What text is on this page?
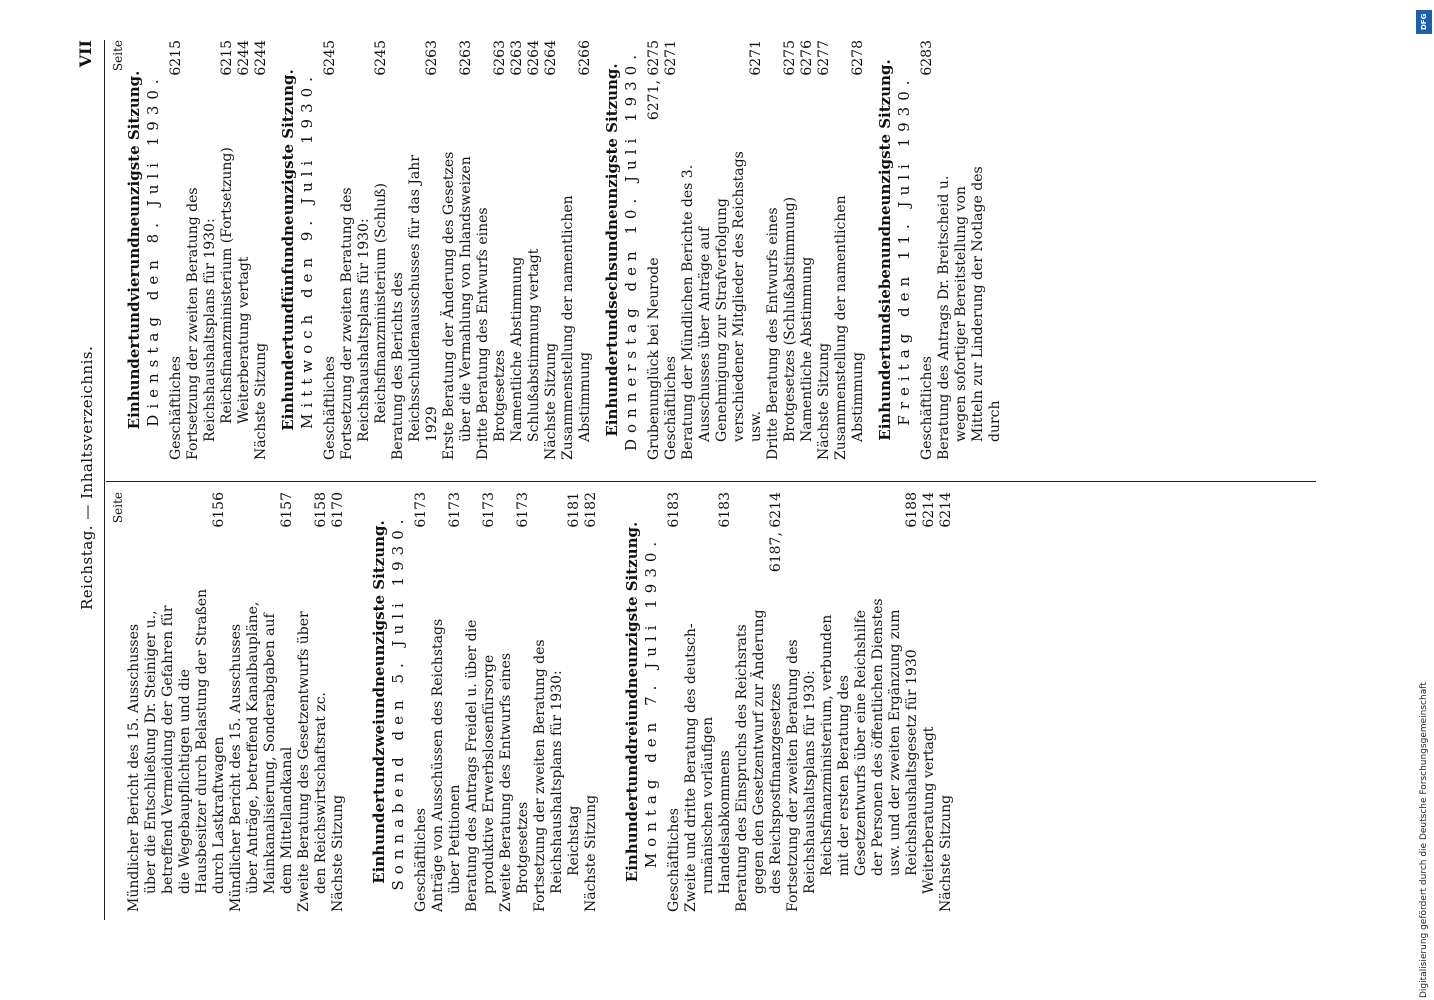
Reichstag. — Inhaltsverzeichnis.
VII
Seite
Mündlicher Bericht des 15. Ausschusses über die Entschließung Dr. Steiniger u., betreffend Vermeidung der Gefahren für die Wegebaupflichtigen und die Hausbesitzer durch Belastung der Straßen durch Lastkraftwagen
6156
Mündlicher Bericht des 15. Ausschusses über Anträge, betreffend Kanalbaupläne, Mainkanalisierung, Sonderabgaben auf dem Mittellandkanal
6157
Zweite Beratung des Gesetzentwurfs über den Reichswirtschaftsrat zc.
6158
Nächste Sitzung
6170
Einhundertundzweiundneunzigste Sitzung. Sonnabend den 5. Juli 1930. Geschäftliches
6173
Anträge von Ausschüssen des Reichstags über Petitionen
6173
Beratung des Antrags Freidel u. über die produktive Erwerbslosenfürsorge
6173
Zweite Beratung des Entwurfs eines Brotgesetzes
6173
Fortsetzung der zweiten Beratung des Reichshaushaltsplans für 1930: Reichstag
6181
Nächste Sitzung
6182
Einhundertunddreiundneunzigste Sitzung. Montag den 7. Juli 1930. Geschäftliches
6183
Zweite und dritte Beratung des deutsch-rumänischen vorläufigen Handelsabkommens
6183
Beratung des Einspruchs des Reichsrats gegen den Gesetzentwurf zur Änderung des Reichspostfinanzgesetzes
6187, 6214
Fortsetzung der zweiten Beratung des Reichshaushaltsplans für 1930: Reichsfinanzministerium, verbunden mit der ersten Beratung des Gesetzentwurfs über eine Reichshilfe der Personen des öffentlichen Dienstes usw. und der zweiten Ergänzung zum Reichshaushaltsgesetz für 1930
6188
Weiterberatung vertagt
6214
Nächste Sitzung
6214
Seite
Einhundertundvierundneunzigste Sitzung. Dienstag den 8. Juli 1930. Geschäftliches
6215
Fortsetzung der zweiten Beratung des Reichshaushaltsplans für 1930: Reichsfinanzministerium (Fortsetzung)
6215
Weiterberatung vertagt
6244
Nächste Sitzung
6244
Einhundertundfünfundneunzigste Sitzung. Mittwoch den 9. Juli 1930. Geschäftliches
6245
Fortsetzung der zweiten Beratung des Reichshaushaltsplans für 1930: Reichsfinanzministerium (Schluß)
6245
Beratung des Berichts des Reichsschuldenausschusses für das Jahr 1929
6263
Erste Beratung der Änderung des Gesetzes über die Vermahlung von Inlandsweizen
6263
Dritte Beratung des Entwurfs eines Brotgesetzes
6263
Namentliche Abstimmung
6263
Schlußabstimmung vertagt
6264
Nächste Sitzung
6264
Zusammenstellung der namentlichen Abstimmung
6266
Einhundertundsechsundneunzigste Sitzung. Donnerstag den 10. Juli 1930. Grubenunglück bei Neurode
6271, 6275
Geschäftliches
6271
Beratung der Mündlichen Berichte des 3. Ausschusses über Anträge auf Genehmigung zur Strafverfolgung verschiedener Mitglieder des Reichstags usw.
6271
Dritte Beratung des Entwurfs eines Brotgesetzes (Schlußabstimmung)
6275
Namentliche Abstimmung
6276
Nächste Sitzung
6277
Zusammenstellung der namentlichen Abstimmung
6278
Einhundertundsiebenundneunzigste Sitzung. Freitag den 11. Juli 1930. Geschäftliches
6283
Beratung des Antrags Dr. Breitscheid u. wegen sofortiger Bereitstellung von Mitteln zur Linderung der Notlage des durch
DFG
Digitalisierung gefördert durch die Deutsche Forschungsgemeinschaft
